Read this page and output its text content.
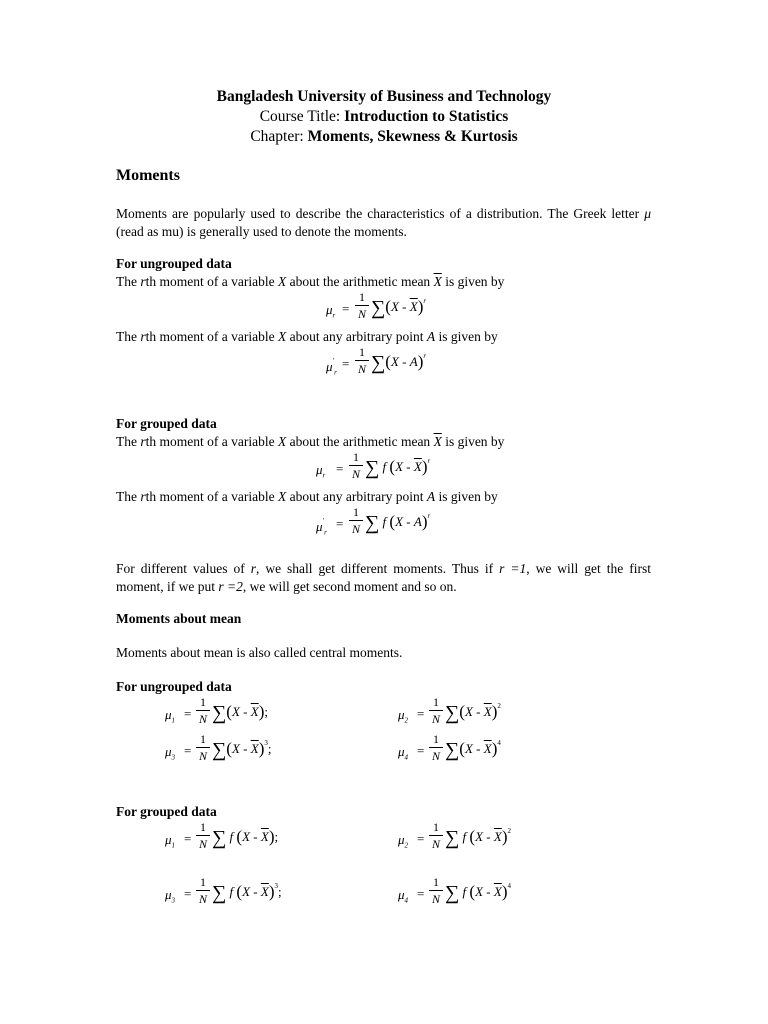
Bangladesh University of Business and Technology
Course Title: Introduction to Statistics
Chapter: Moments, Skewness & Kurtosis
Moments
Moments are popularly used to describe the characteristics of a distribution. The Greek letter μ (read as mu) is generally used to denote the moments.
For ungrouped data
The rth moment of a variable X about the arithmetic mean $\overline{X}$ is given by
$\mu_r$ =
1
N $\sum(X - \overline{X})^r$
The rth moment of a variable X about any arbitrary point A is given by
$\mu'_r$
=
1
N ∑(X - A)$^r$
For grouped data
The rth moment of a variable X about the arithmetic mean $\overline{X}$ is given by
$\mu_r$ =
1
N ∑ f $(X - \overline{X})^r$
The rth moment of a variable X about any arbitrary point A is given by
$\mu'_r$
=
1
N ∑ f (X - A)$^r$
For different values of r, we shall get different moments. Thus if r =1, we will get the first moment, if we put r =2, we will get second moment and so on.
Moments about mean
Moments about mean is also called central moments.
For ungrouped data
$\mu_1$ =
1
N $\sum(X - \overline{X})$;	$\mu_2$ =
1
N $\sum(X - \overline{X})^2$
$\mu_3$ =
1
N $\sum(X - \overline{X})^3$;	$\mu_4$ =
1
N $\sum(X - \overline{X})^4$
For grouped data
$\mu_1$ =
1
N ∑ f $(X - \overline{X})$;	$\mu_2$ =
1
N ∑ f $(X - \overline{X})^2$
$\mu_3$ =
1
N ∑ f $(X - \overline{X})^3$;	$\mu_4$ =
1
N ∑ f $(X - \overline{X})^4$
